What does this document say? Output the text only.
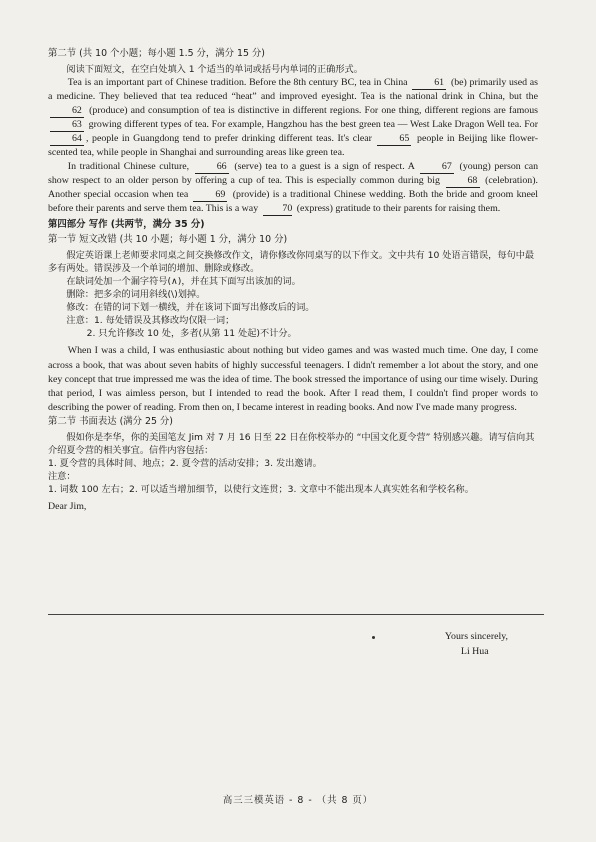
第二节 (共 10 个小题；每小题 1.5 分，满分 15 分)
阅读下面短文，在空白处填入 1 个适当的单词或括号内单词的正确形式。

Tea is an important part of Chinese tradition. Before the 8th century BC, tea in China	61 (be) primarily used as a medicine. They believed that tea reduced “heat” and improved eyesight. Tea is the national drink in China, but the 62 (produce) and consumption of tea is distinctive in different regions. For one thing, different regions are famous 63 growing different types of tea. For example, Hangzhou has the best green tea — West Lake Dragon Well tea. For 64 , people in Guangdong tend to prefer drinking different teas. It's clear	65 people in Beijing like flower-scented tea, while people in Shanghai and surrounding areas like green tea.

In traditional Chinese culture,	66 (serve) tea to a guest is a sign of respect. A	67 (young) person can show respect to an older person by offering a cup of tea. This is especially common during big	68 (celebration). Another special occasion when tea	69 (provide) is a traditional Chinese wedding. Both the bride and groom kneel before their parents and serve them tea. This is a way 70 (express) gratitude to their parents for raising them.

第四部分 写作 (共两节，满分 35 分)
第一节 短文改错 (共 10 小题；每小题 1 分，满分 10 分)
假定英语课上老师要求同桌之间交换修改作文，请你修改你同桌写的以下作文。文中共有 10 处语言错误，每句中最多有两处。错误涉及一个单词的增加、删除或修改。
在缺词处加一个漏字符号(∧)，并在其下面写出该加的词。
删除：把多余的词用斜线(\)划掉。
修改：在错的词下划一横线，并在该词下面写出修改后的词。
注意：1. 每处错误及其修改均仅限一词；
2. 只允许修改 10 处，多者(从第 11 处起)不计分。

When I was a child, I was enthusiastic about nothing but video games and was wasted much time. One day, I come across a book, that was about seven habits of highly successful teenagers. I didn't remember a lot about the story, and one key concept that true impressed me was the idea of time. The book stressed the importance of using our time wisely. During that period, I was aimless person, but I intended to read the book. After I read them, I couldn't find proper words to describing the power of reading. From then on, I became interest in reading books. And now I've made many progress.

第二节 书面表达 (满分 25 分)
假如你是李华，你的美国笔友 Jim 对 7 月 16 日至 22 日在你校举办的 “中国文化夏令营” 特别感兴趣。请写信向其介绍夏令营的相关事宜。信件内容包括：
1. 夏令营的具体时间、地点；2. 夏令营的活动安排；3. 发出邀请。
注意：
1. 词数 100 左右；2. 可以适当增加细节，以使行文连贯；3. 文章中不能出现本人真实姓名和学校名称。
Dear Jim,
Yours sincerely,
Li Hua
高三三模英语 - 8 - （共 8 页）
